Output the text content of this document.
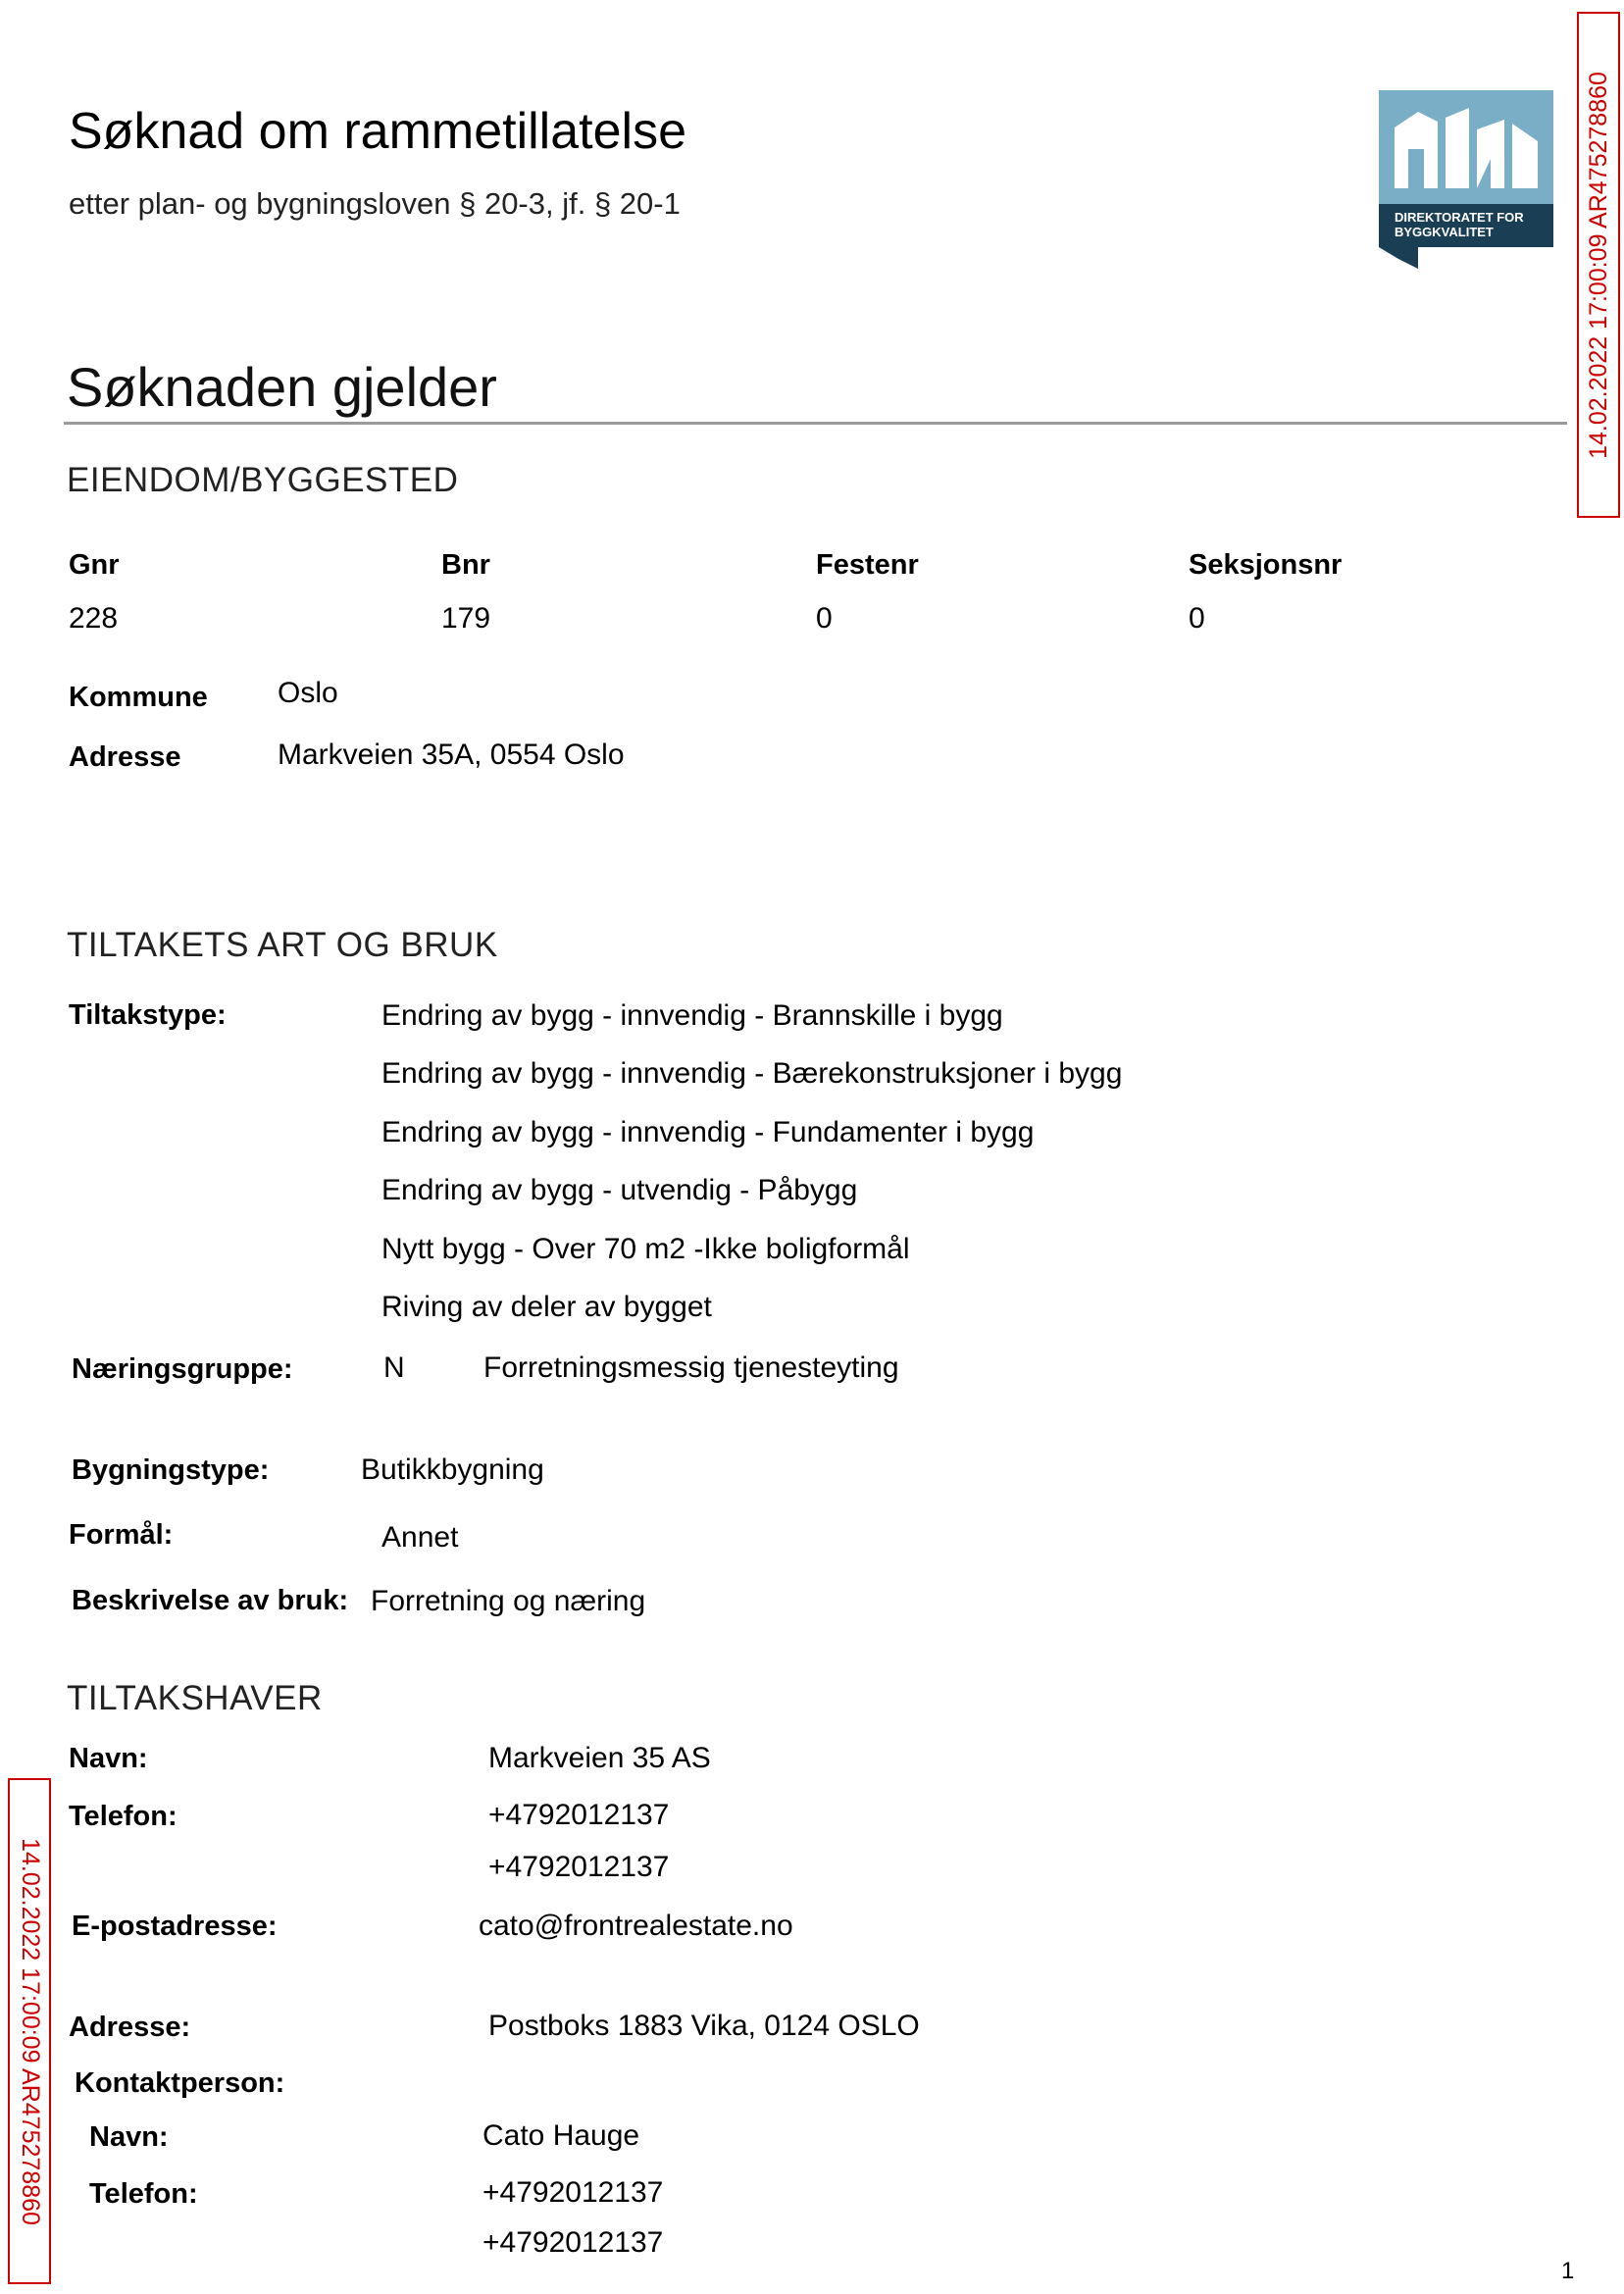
Søknad om rammetillatelse
etter plan- og bygningsloven § 20-3, jf. § 20-1	DIREKTORATET FOR BYGGKVALITET	14.02.2022 17:00:09 AR475278860
14.02.2022 17:00:09 AR475278860
Søknaden gjelder
EIENDOM/BYGGESTED
Gnr	Bnr	Festenr	Seksjonsnr
228	179	0	0
Kommune Oslo
Adresse	Markveien 35A, 0554 Oslo
TILTAKETS ART OG BRUK
Tiltakstype:	Endring av bygg - innvendig - Brannskille i bygg
Endring av bygg - innvendig - Bærekonstruksjoner i bygg
Endring av bygg - innvendig - Fundamenter i bygg
Endring av bygg - utvendig - Påbygg
Nytt bygg - Over 70 m2 -Ikke boligformål
Riving av deler av bygget
Næringsgruppe:	N	Forretningsmessig tjenesteyting
Bygningstype:	Butikkbygning
Formål:	Annet
Beskrivelse av bruk: Forretning og næring
TILTAKSHAVER
Navn:	Markveien 35 AS
Telefon:	+4792012137
+4792012137
E-postadresse:	cato@frontrealestate.no
Adresse:	Postboks 1883 Vika, 0124 OSLO
Kontaktperson:
Navn:	Cato Hauge
Telefon:	+4792012137
+4792012137
1
